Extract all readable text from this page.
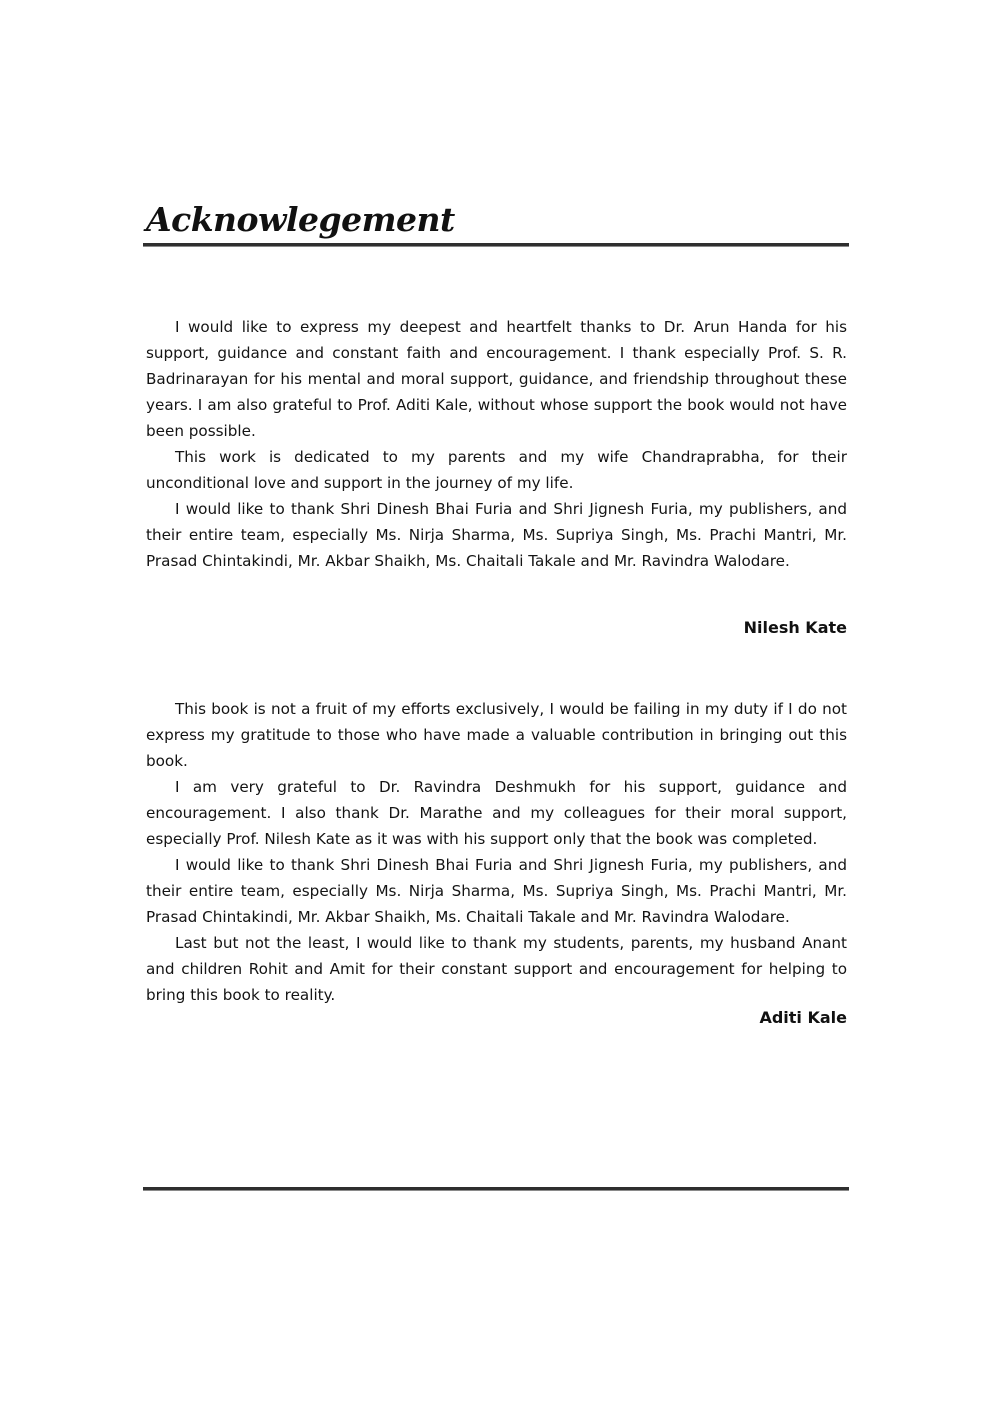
Acknowlegement

I would like to express my deepest and heartfelt thanks to Dr. Arun Handa for his support, guidance and constant faith and encouragement. I thank especially Prof. S. R. Badrinarayan for his mental and moral support, guidance, and friendship throughout these years. I am also grateful to Prof. Aditi Kale, without whose support the book would not have been possible.

This work is dedicated to my parents and my wife Chandraprabha, for their unconditional love and support in the journey of my life.

I would like to thank Shri Dinesh Bhai Furia and Shri Jignesh Furia, my publishers, and their entire team, especially Ms. Nirja Sharma, Ms. Supriya Singh, Ms. Prachi Mantri, Mr. Prasad Chintakindi, Mr. Akbar Shaikh, Ms. Chaitali Takale and Mr. Ravindra Walodare.

Nilesh Kate

This book is not a fruit of my efforts exclusively, I would be failing in my duty if I do not express my gratitude to those who have made a valuable contribution in bringing out this book.

I am very grateful to Dr. Ravindra Deshmukh for his support, guidance and encouragement. I also thank Dr. Marathe and my colleagues for their moral support, especially Prof. Nilesh Kate as it was with his support only that the book was completed.

I would like to thank Shri Dinesh Bhai Furia and Shri Jignesh Furia, my publishers, and their entire team, especially Ms. Nirja Sharma, Ms. Supriya Singh, Ms. Prachi Mantri, Mr. Prasad Chintakindi, Mr. Akbar Shaikh, Ms. Chaitali Takale and Mr. Ravindra Walodare.

Last but not the least, I would like to thank my students, parents, my husband Anant and children Rohit and Amit for their constant support and encouragement for helping to bring this book to reality.

Aditi Kale
